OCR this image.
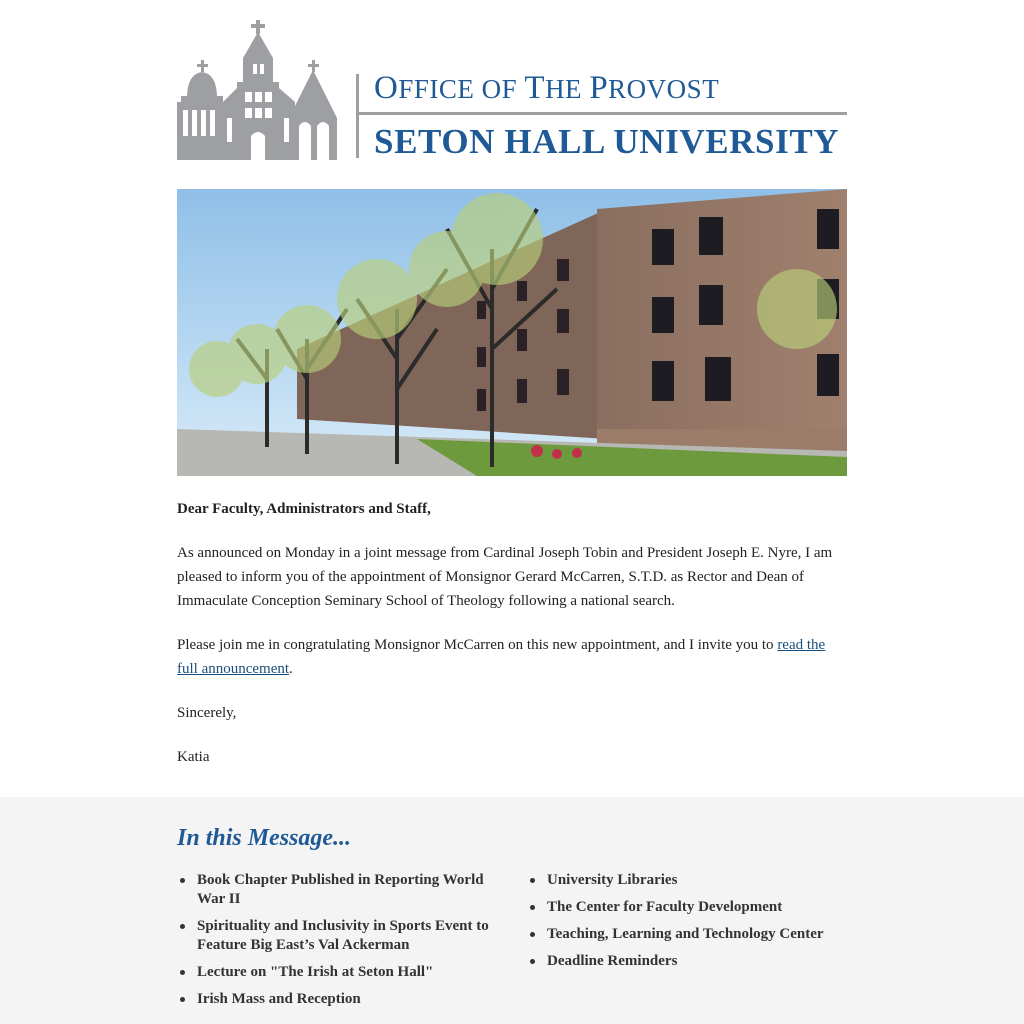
OFFICE OF THE PROVOST
SETON HALL UNIVERSITY

Dear Faculty, Administrators and Staff,

As announced on Monday in a joint message from Cardinal Joseph Tobin and President Joseph E. Nyre, I am pleased to inform you of the appointment of Monsignor Gerard McCarren, S.T.D. as Rector and Dean of Immaculate Conception Seminary School of Theology following a national search.

Please join me in congratulating Monsignor McCarren on this new appointment, and I invite you to read the full announcement.

Sincerely,

Katia

In this Message...
Book Chapter Published in Reporting World War II
Spirituality and Inclusivity in Sports Event to Feature Big East’s Val Ackerman
Lecture on "The Irish at Seton Hall"
Irish Mass and Reception
University Libraries
The Center for Faculty Development
Teaching, Learning and Technology Center
Deadline Reminders
